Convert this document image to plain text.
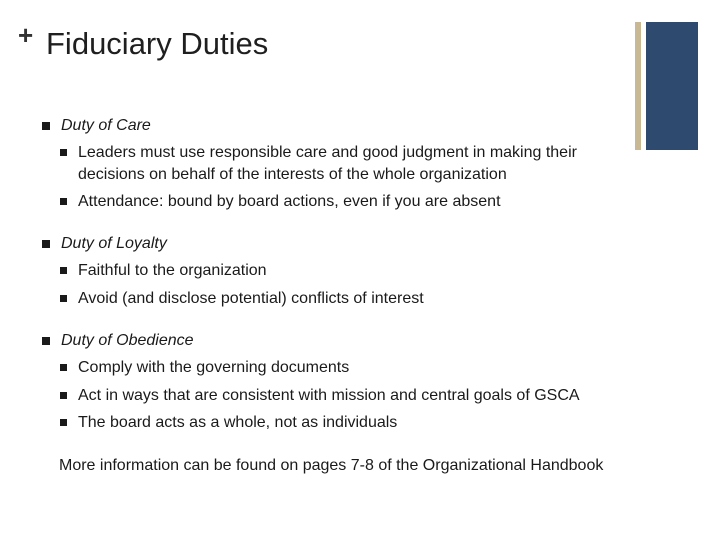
+ Fiduciary Duties
Duty of Care
Leaders must use responsible care and good judgment in making their
decisions on behalf of the interests of the whole organization
Attendance: bound by board actions, even if you are absent
Duty of Loyalty
Faithful to the organization
Avoid (and disclose potential) conflicts of interest
Duty of Obedience
Comply with the governing documents
Act in ways that are consistent with mission and central goals of GSCA
The board acts as a whole, not as individuals
More information can be found on pages 7-8 of the Organizational Handbook
